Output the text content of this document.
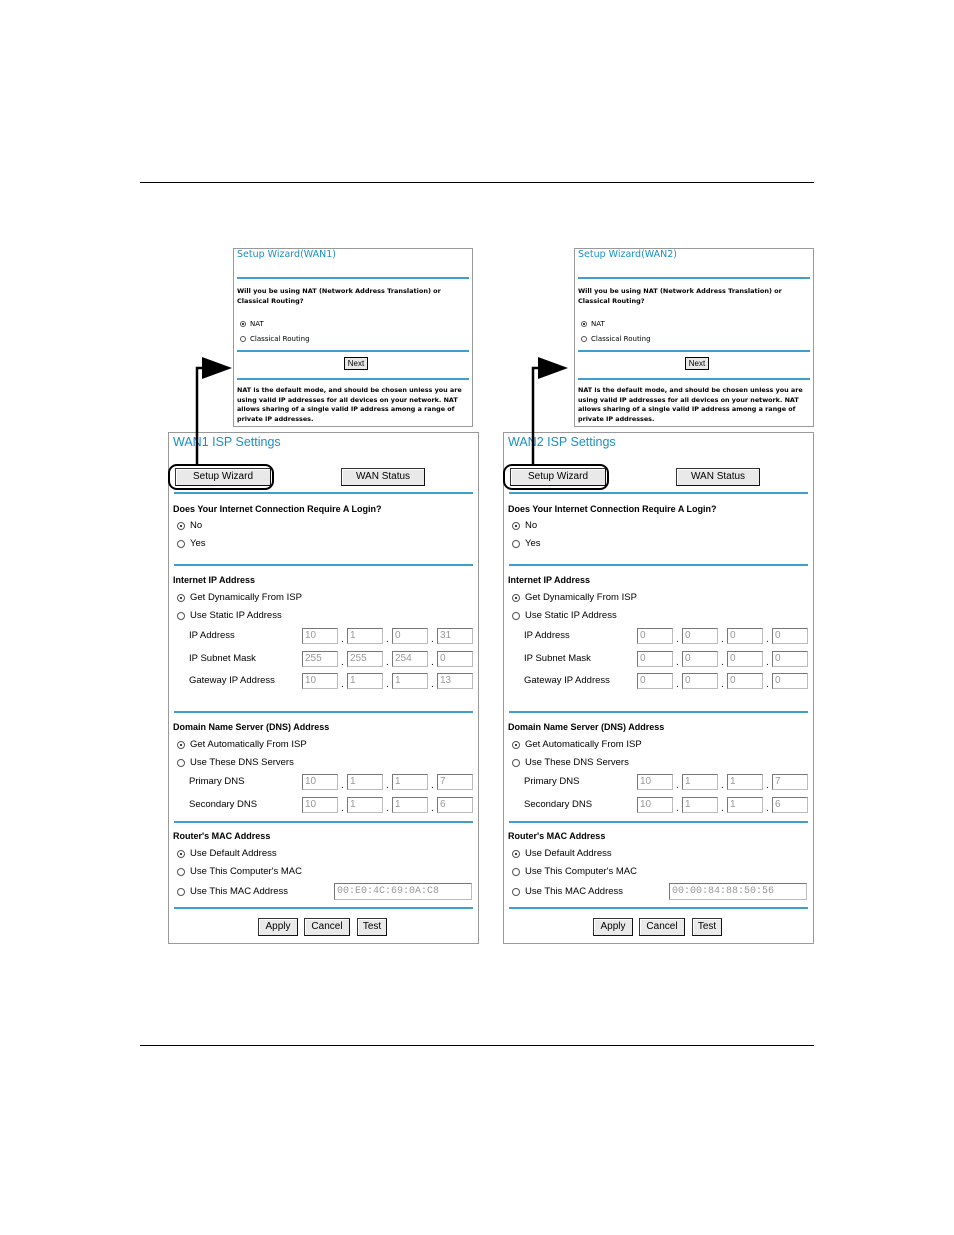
Setup Wizard(WAN1)
Will you be using NAT (Network Address Translation) or Classical Routing?
NAT
Classical Routing
Next
NAT is the default mode, and should be chosen unless you are using valid IP addresses for all devices on your network. NAT allows sharing of a single valid IP address among a range of private IP addresses.
Setup Wizard(WAN2)
Will you be using NAT (Network Address Translation) or Classical Routing?
NAT
Classical Routing
Next
NAT is the default mode, and should be chosen unless you are using valid IP addresses for all devices on your network. NAT allows sharing of a single valid IP address among a range of private IP addresses.
WAN1 ISP Settings
Setup Wizard	WAN Status
Does Your Internet Connection Require A Login?
No
Yes
Internet IP Address
Get Dynamically From ISP
Use Static IP Address
IP Address	10	. 1	. 0	. 31
IP Subnet Mask	255	. 255	. 254	. 0
Gateway IP Address	10	. 1	. 1	. 13
Domain Name Server (DNS) Address
Get Automatically From ISP
Use These DNS Servers
Primary DNS	10	. 1	. 1	. 7
Secondary DNS	10	. 1	. 1	. 6
Router's MAC Address
Use Default Address
Use This Computer's MAC
Use This MAC Address	00:E0:4C:69:0A:C8
Apply	Cancel	Test
WAN2 ISP Settings
Setup Wizard	WAN Status
Does Your Internet Connection Require A Login?
No
Yes
Internet IP Address
Get Dynamically From ISP
Use Static IP Address
IP Address	0	. 0	. 0	. 0
IP Subnet Mask	0	. 0	. 0	. 0
Gateway IP Address	0	. 0	. 0	. 0
Domain Name Server (DNS) Address
Get Automatically From ISP
Use These DNS Servers
Primary DNS	10	. 1	. 1	. 7
Secondary DNS	10	. 1	. 1	. 6
Router's MAC Address
Use Default Address
Use This Computer's MAC
Use This MAC Address	00:00:84:88:50:56
Apply	Cancel	Test
